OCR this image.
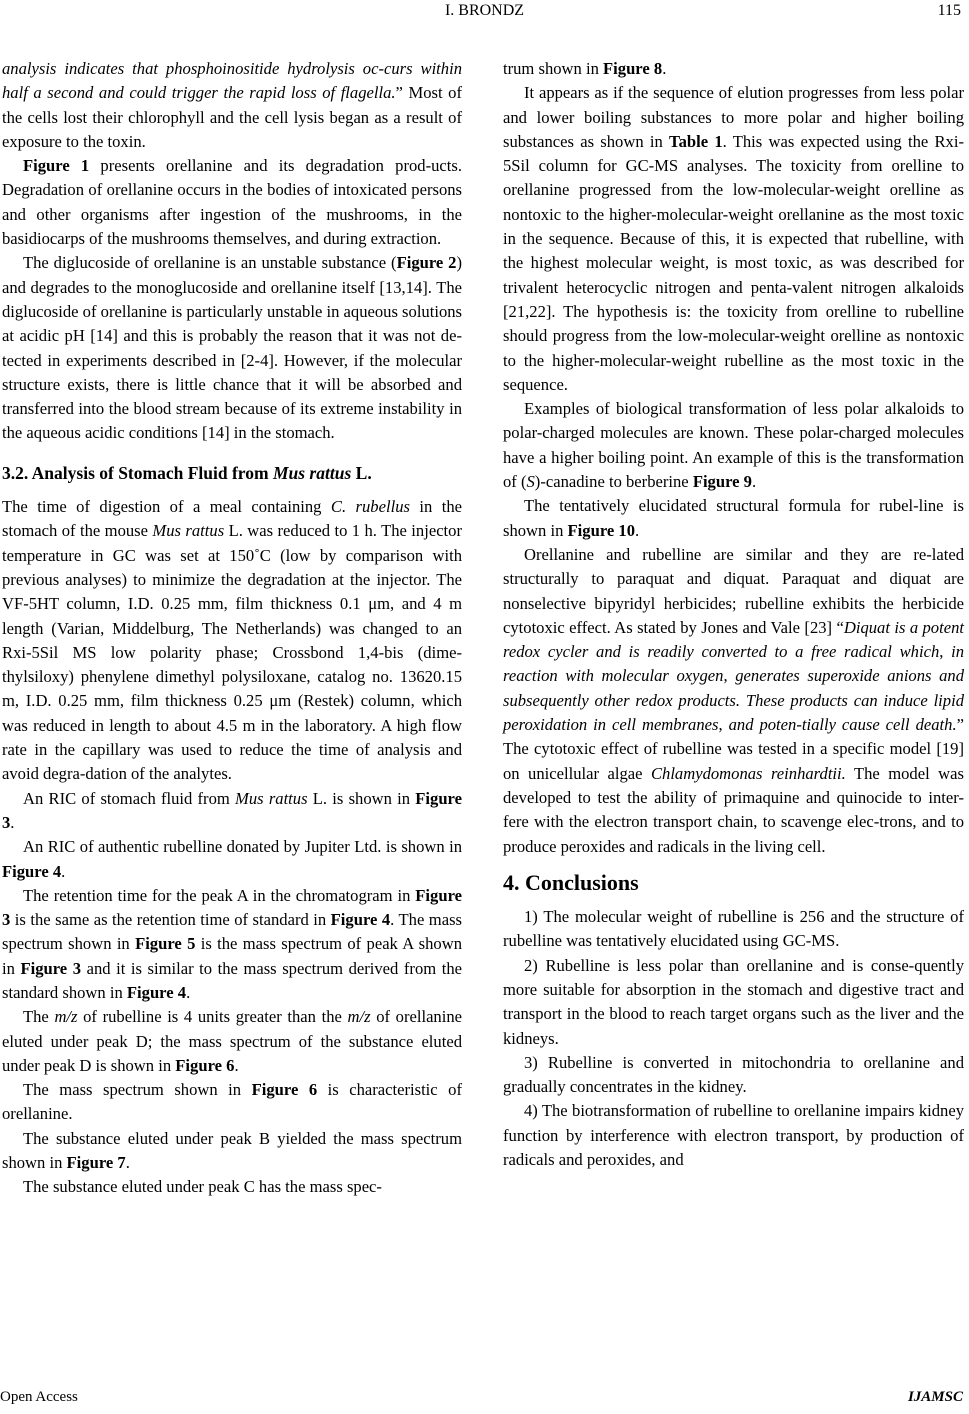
I. BRONDZ	115

analysis indicates that phosphoinositide hydrolysis oc-curs within half a second and could trigger the rapid loss of flagella.” Most of the cells lost their chlorophyll and the cell lysis began as a result of exposure to the toxin.

Figure 1 presents orellanine and its degradation prod-ucts. Degradation of orellanine occurs in the bodies of intoxicated persons and other organisms after ingestion of the mushrooms, in the basidiocarps of the mushrooms themselves, and during extraction.

The diglucoside of orellanine is an unstable substance (Figure 2) and degrades to the monoglucoside and orellanine itself [13,14]. The diglucoside of orellanine is particularly unstable in aqueous solutions at acidic pH [14] and this is probably the reason that it was not de-tected in experiments described in [2-4]. However, if the molecular structure exists, there is little chance that it will be absorbed and transferred into the blood stream because of its extreme instability in the aqueous acidic conditions [14] in the stomach.

3.2. Analysis of Stomach Fluid from Mus rattus L.

The time of digestion of a meal containing C. rubellus in the stomach of the mouse Mus rattus L. was reduced to 1 h. The injector temperature in GC was set at 150˚C (low by comparison with previous analyses) to minimize the degradation at the injector. The VF-5HT column, I.D. 0.25 mm, film thickness 0.1 μm, and 4 m length (Varian, Middelburg, The Netherlands) was changed to an Rxi-5Sil MS low polarity phase; Crossbond 1,4-bis (dime-thylsiloxy) phenylene dimethyl polysiloxane, catalog no. 13620.15 m, I.D. 0.25 mm, film thickness 0.25 μm (Restek) column, which was reduced in length to about 4.5 m in the laboratory. A high flow rate in the capillary was used to reduce the time of analysis and avoid degra-dation of the analytes.

An RIC of stomach fluid from Mus rattus L. is shown in Figure 3.

An RIC of authentic rubelline donated by Jupiter Ltd. is shown in Figure 4.

The retention time for the peak A in the chromatogram in Figure 3 is the same as the retention time of standard in Figure 4. The mass spectrum shown in Figure 5 is the mass spectrum of peak A shown in Figure 3 and it is similar to the mass spectrum derived from the standard shown in Figure 4.

The m/z of rubelline is 4 units greater than the m/z of orellanine eluted under peak D; the mass spectrum of the substance eluted under peak D is shown in Figure 6.

The mass spectrum shown in Figure 6 is characteristic of orellanine.

The substance eluted under peak B yielded the mass spectrum shown in Figure 7.

The substance eluted under peak C has the mass spec-

trum shown in Figure 8.

It appears as if the sequence of elution progresses from less polar and lower boiling substances to more polar and higher boiling substances as shown in Table 1. This was expected using the Rxi-5Sil column for GC-MS analyses. The toxicity from orelline to orellanine progressed from the low-molecular-weight orelline as nontoxic to the higher-molecular-weight orellanine as the most toxic in the sequence. Because of this, it is expected that rubelline, with the highest molecular weight, is most toxic, as was described for trivalent heterocyclic nitrogen and penta-valent nitrogen alkaloids [21,22]. The hypothesis is: the toxicity from orelline to rubelline should progress from the low-molecular-weight orelline as nontoxic to the higher-molecular-weight rubelline as the most toxic in the sequence.

Examples of biological transformation of less polar alkaloids to polar-charged molecules are known. These polar-charged molecules have a higher boiling point. An example of this is the transformation of (S)-canadine to berberine Figure 9.

The tentatively elucidated structural formula for rubel-line is shown in Figure 10.

Orellanine and rubelline are similar and they are re-lated structurally to paraquat and diquat. Paraquat and diquat are nonselective bipyridyl herbicides; rubelline exhibits the herbicide cytotoxic effect. As stated by Jones and Vale [23] “Diquat is a potent redox cycler and is readily converted to a free radical which, in reaction with molecular oxygen, generates superoxide anions and subsequently other redox products. These products can induce lipid peroxidation in cell membranes, and poten-tially cause cell death.” The cytotoxic effect of rubelline was tested in a specific model [19] on unicellular algae Chlamydomonas reinhardtii. The model was developed to test the ability of primaquine and quinocide to inter-fere with the electron transport chain, to scavenge elec-trons, and to produce peroxides and radicals in the living cell.

4. Conclusions

1) The molecular weight of rubelline is 256 and the structure of rubelline was tentatively elucidated using GC-MS.

2) Rubelline is less polar than orellanine and is conse-quently more suitable for absorption in the stomach and digestive tract and transport in the blood to reach target organs such as the liver and the kidneys.

3) Rubelline is converted in mitochondria to orellanine and gradually concentrates in the kidney.

4) The biotransformation of rubelline to orellanine impairs kidney function by interference with electron transport, by production of radicals and peroxides, and

Open Access	IJAMSC
